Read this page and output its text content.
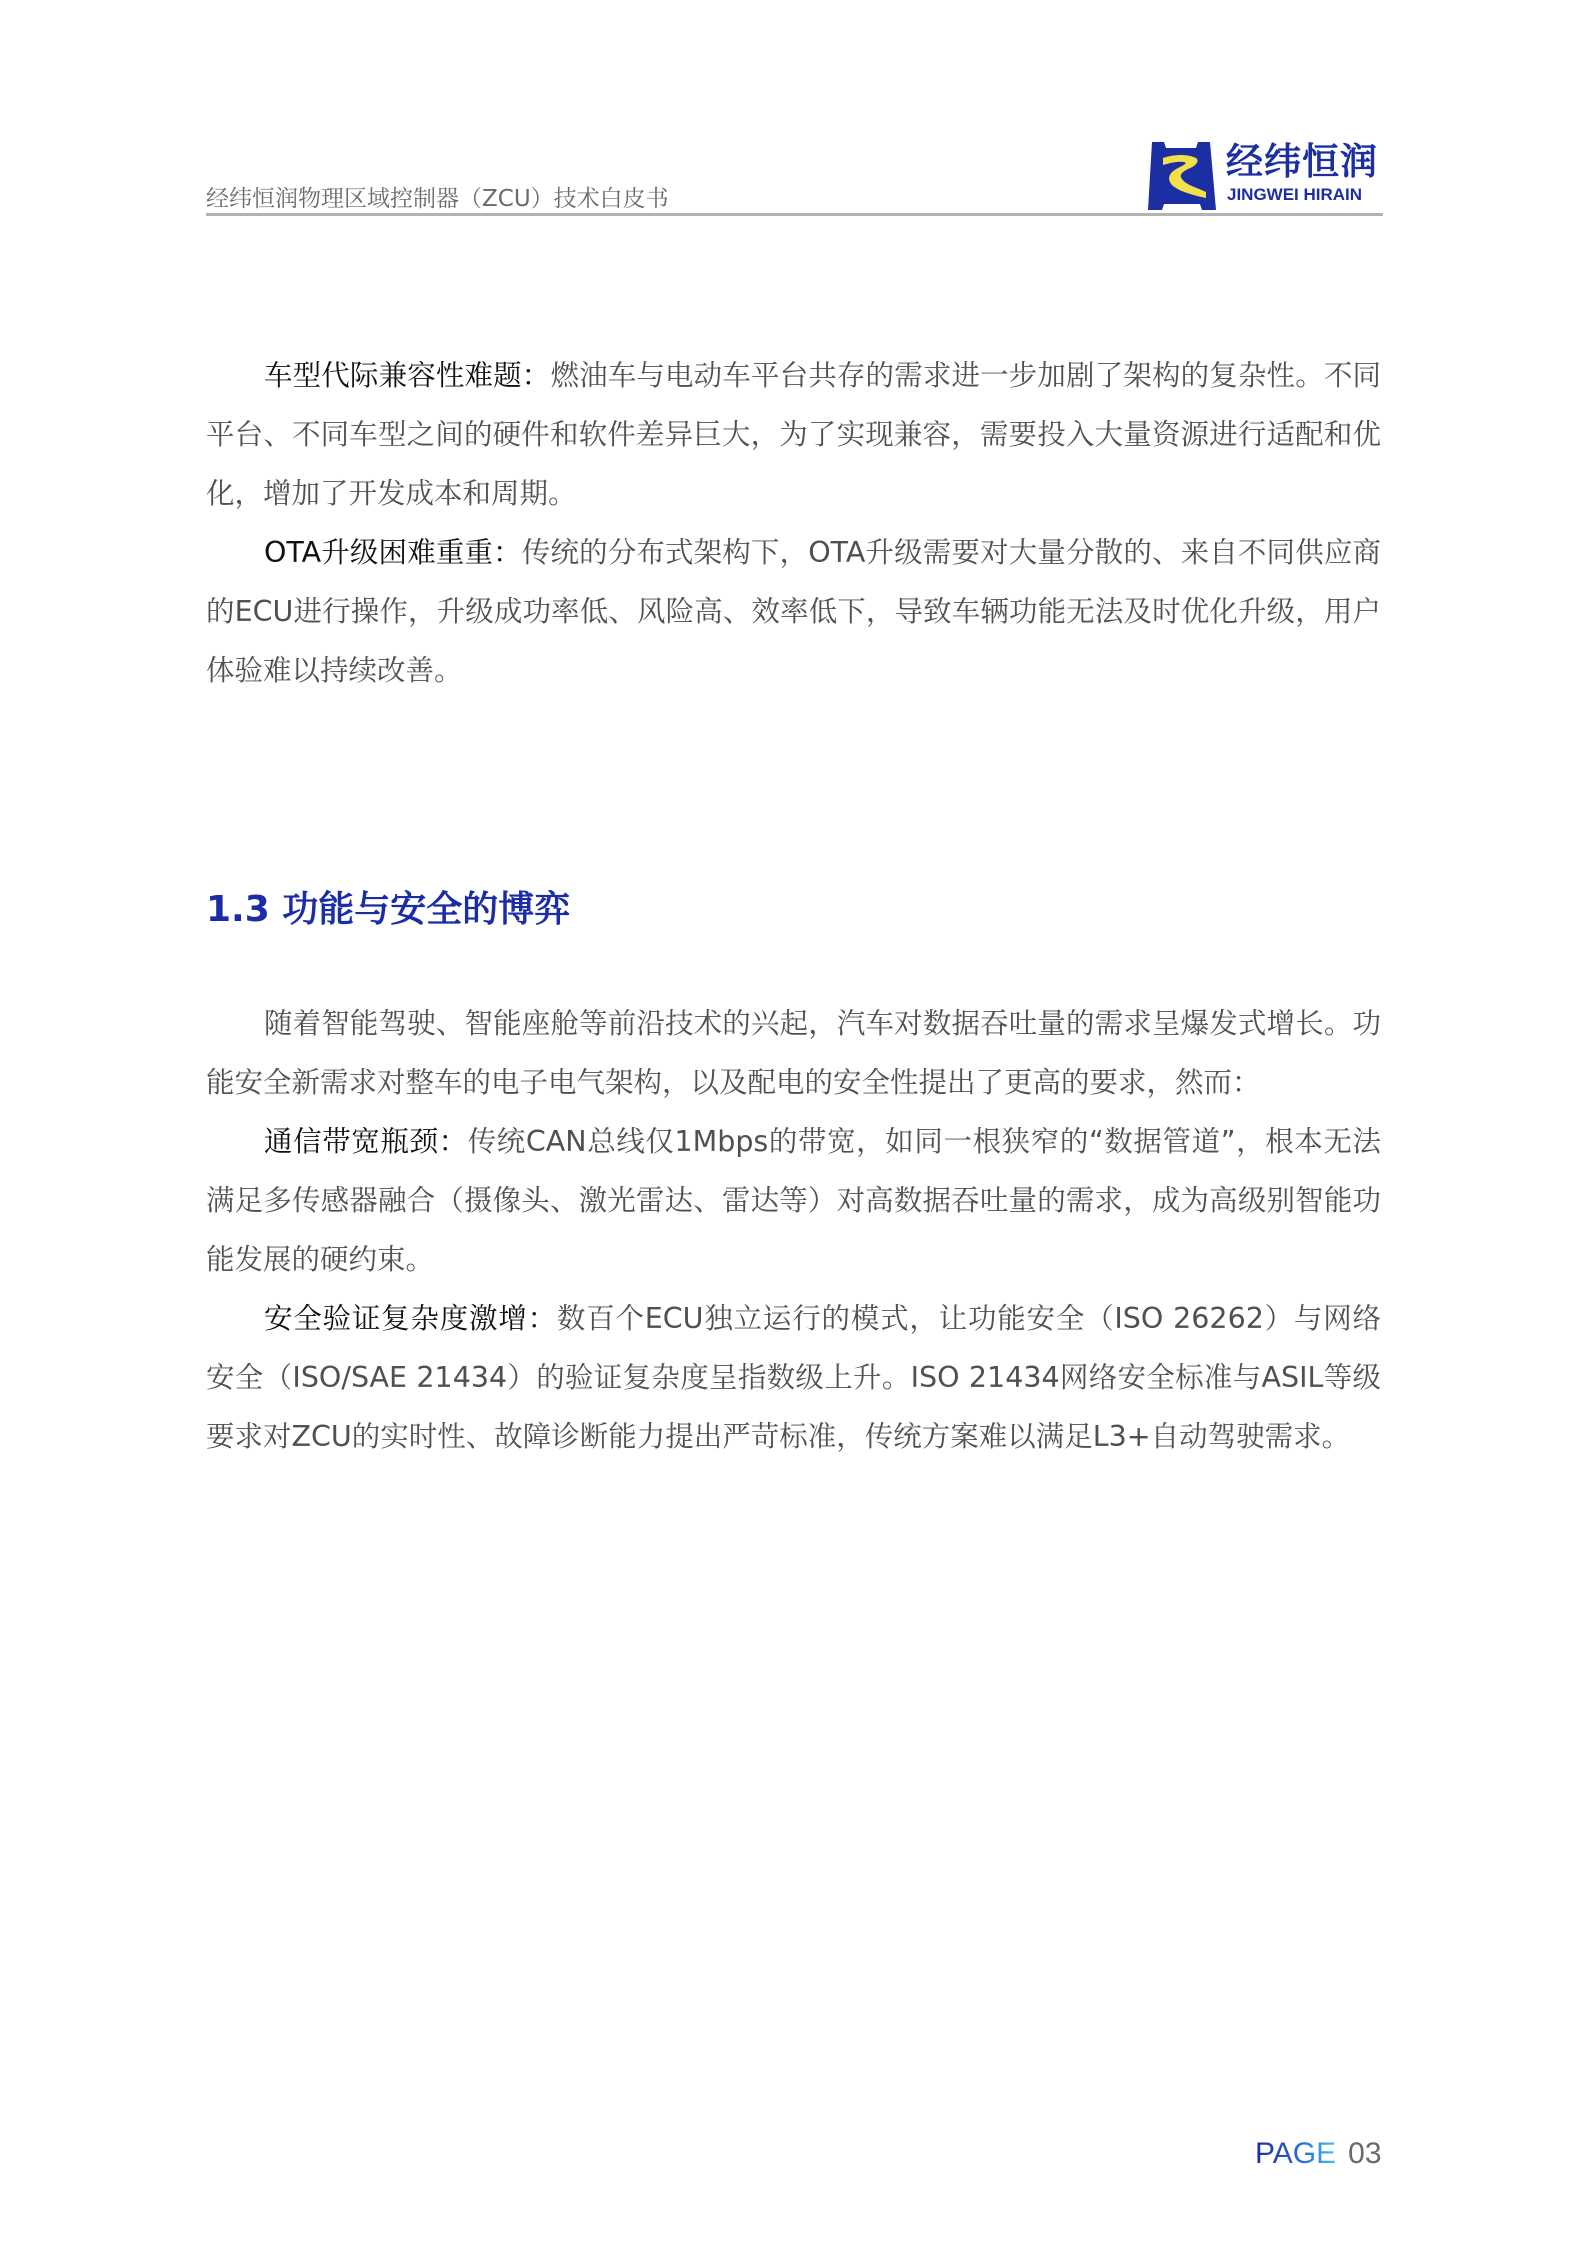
经纬恒润物理区域控制器（ZCU）技术白皮书
经纬恒润
JINGWEI HIRAIN

车型代际兼容性难题：燃油车与电动车平台共存的需求进一步加剧了架构的复杂性。不同平台、不同车型之间的硬件和软件差异巨大，为了实现兼容，需要投入大量资源进行适配和优化，增加了开发成本和周期。

OTA升级困难重重：传统的分布式架构下，OTA升级需要对大量分散的、来自不同供应商的ECU进行操作，升级成功率低、风险高、效率低下，导致车辆功能无法及时优化升级，用户体验难以持续改善。

1.3 功能与安全的博弈

随着智能驾驶、智能座舱等前沿技术的兴起，汽车对数据吞吐量的需求呈爆发式增长。功能安全新需求对整车的电子电气架构，以及配电的安全性提出了更高的要求，然而：

通信带宽瓶颈：传统CAN总线仅1Mbps的带宽，如同一根狭窄的“数据管道”，根本无法满足多传感器融合（摄像头、激光雷达、雷达等）对高数据吞吐量的需求，成为高级别智能功能发展的硬约束。

安全验证复杂度激增：数百个ECU独立运行的模式，让功能安全（ISO 26262）与网络安全（ISO/SAE 21434）的验证复杂度呈指数级上升。ISO 21434网络安全标准与ASIL等级要求对ZCU的实时性、故障诊断能力提出严苛标准，传统方案难以满足L3+自动驾驶需求。

PAGE 03
